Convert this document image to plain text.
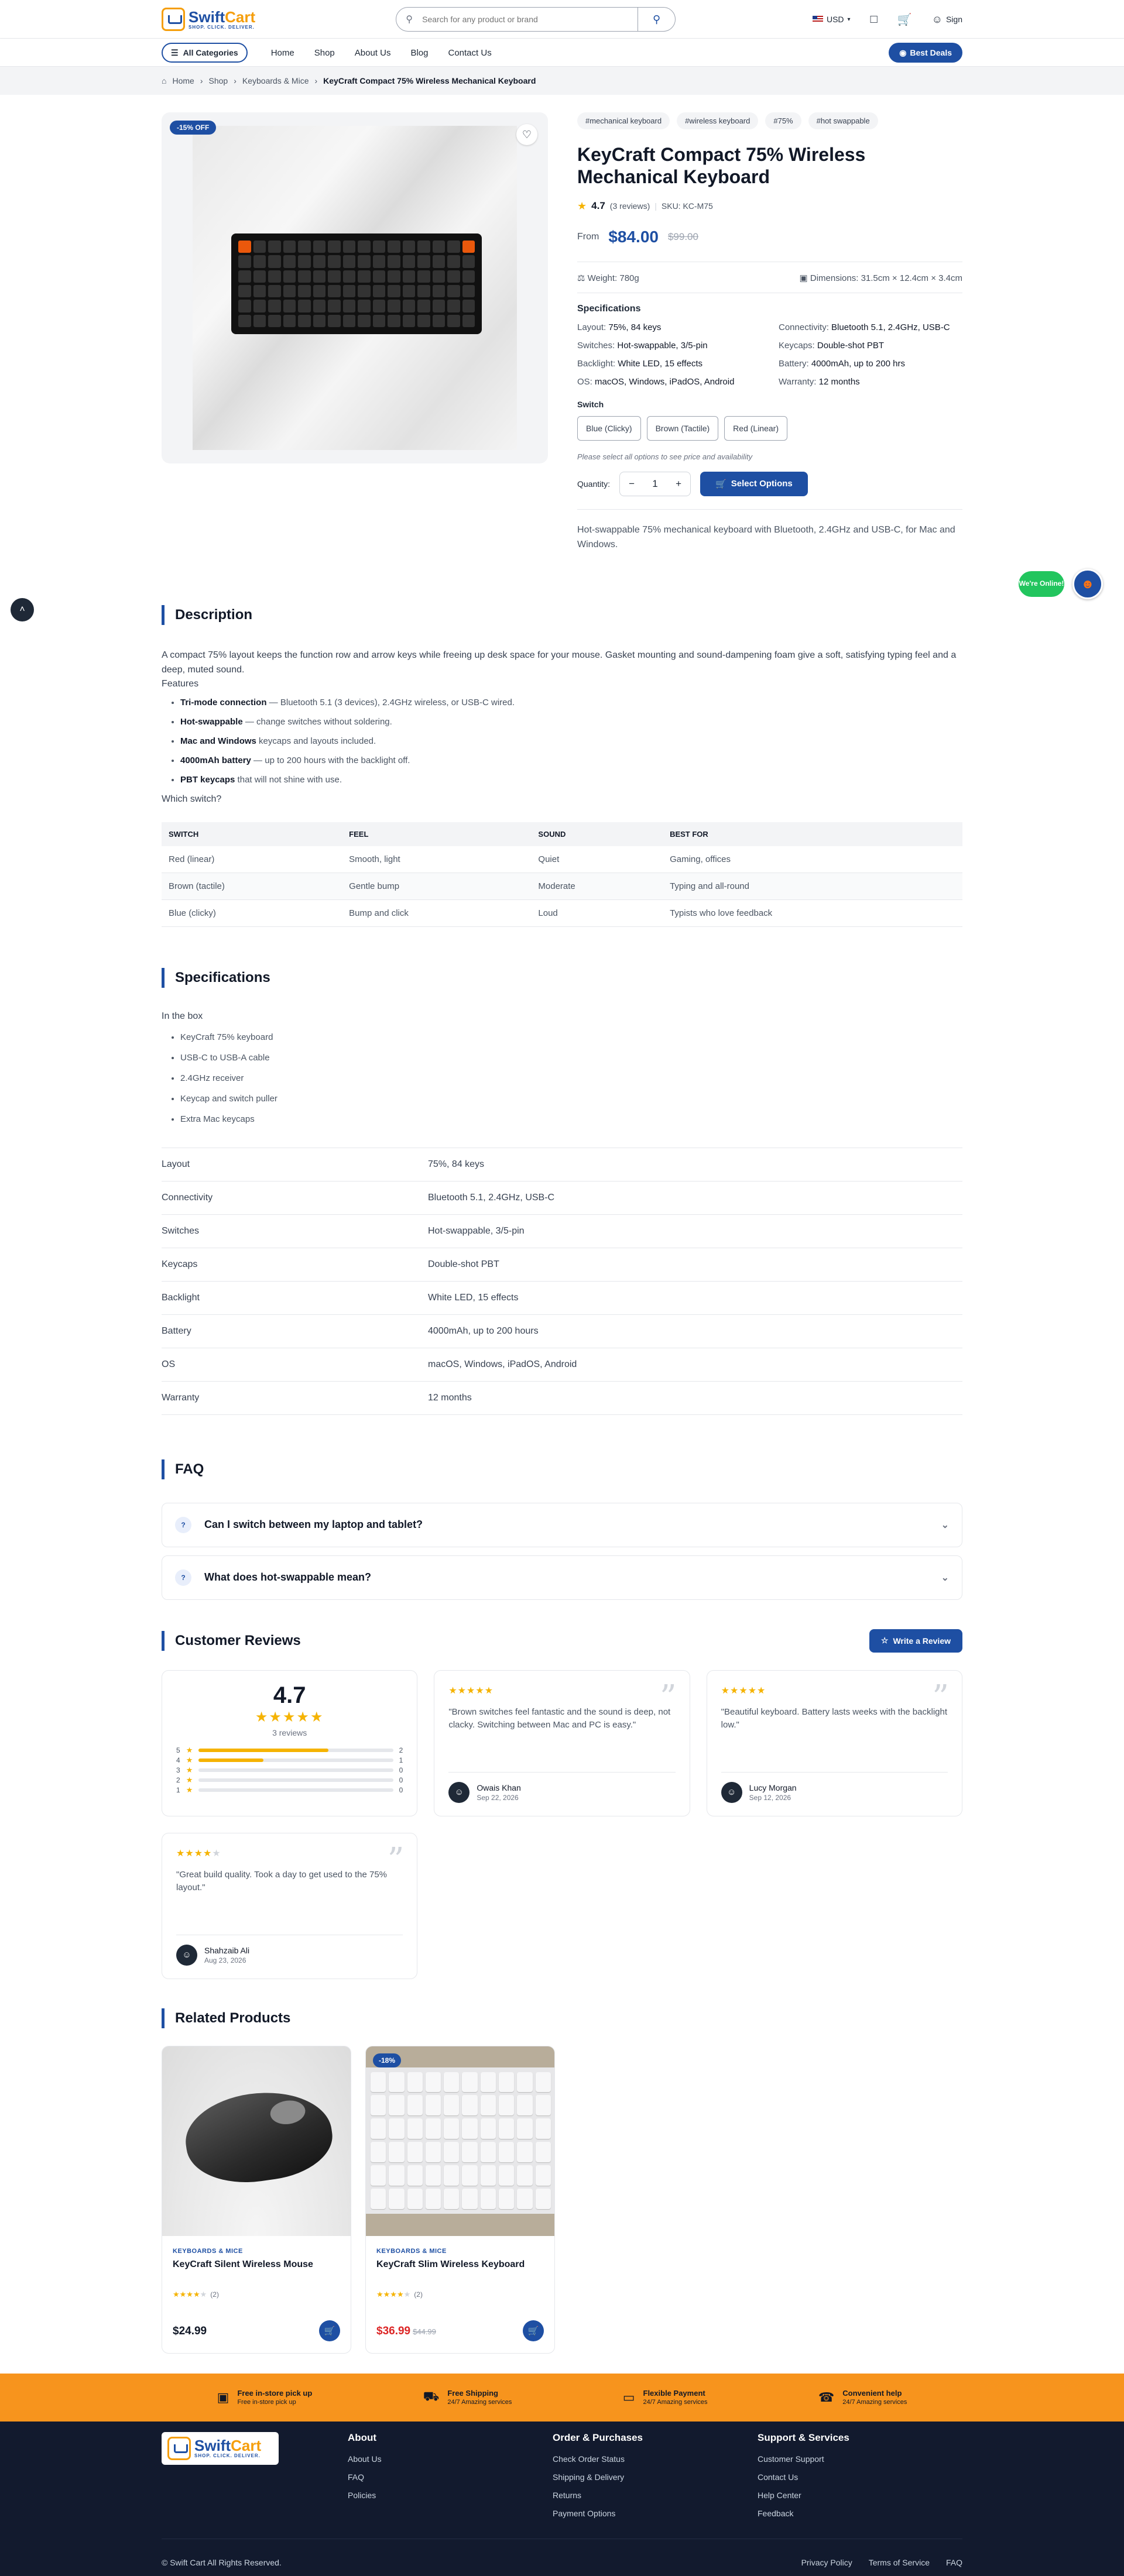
SwiftCart
SHOP. CLICK. DELIVER.
⚲
Search for any product or brand	⚲	USD ▾ □ 🛒 ☺ Sign
☰ All Categories	Home Shop About Us Blog Contact Us	◉ Best Deals
⌂ Home › Shop › Keyboards & Mice › KeyCraft Compact 75% Wireless Mechanical Keyboard
-15% OFF
♡
#mechanical keyboard	#wireless keyboard	#75%	#hot swappable
KeyCraft Compact 75% Wireless Mechanical Keyboard
★ 4.7 (3 reviews) | SKU: KC-M75
From $84.00 $99.00
⚖ Weight: 780g	▣ Dimensions: 31.5cm × 12.4cm × 3.4cm
Specifications
Layout: 75%, 84 keys	Connectivity: Bluetooth 5.1, 2.4GHz, USB-C
Switches: Hot-swappable, 3/5-pin	Keycaps: Double-shot PBT
Backlight: White LED, 15 effects	Battery: 4000mAh, up to 200 hrs
OS: macOS, Windows, iPadOS, Android	Warranty: 12 months
Switch
Blue (Clicky)	Brown (Tactile)	Red (Linear)
Please select all options to see price and availability
Quantity:	−	1	+	🛒 Select Options

Hot-swappable 75% mechanical keyboard with Bluetooth, 2.4GHz and USB-C, for Mac and Windows.

˄
We're Online!	☻
Description

A compact 75% layout keeps the function row and arrow keys while freeing up desk space for your mouse. Gasket mounting and sound-dampening foam give a soft, satisfying typing feel and a deep, muted sound.

Features
• Tri-mode connection — Bluetooth 5.1 (3 devices), 2.4GHz wireless, or USB-C wired.
• Hot-swappable — change switches without soldering.
• Mac and Windows keycaps and layouts included.
• 4000mAh battery — up to 200 hours with the backlight off.
• PBT keycaps that will not shine with use.
Which switch?
SWITCH	FEEL	SOUND	BEST FOR
Red (linear)	Smooth, light	Quiet	Gaming, offices
Brown (tactile)	Gentle bump	Moderate	Typing and all-round
Blue (clicky)	Bump and click	Loud	Typists who love feedback
Specifications
In the box
• KeyCraft 75% keyboard
• USB-C to USB-A cable
• 2.4GHz receiver
• Keycap and switch puller
• Extra Mac keycaps
Layout	75%, 84 keys
Connectivity	Bluetooth 5.1, 2.4GHz, USB-C
Switches	Hot-swappable, 3/5-pin
Keycaps	Double-shot PBT
Backlight	White LED, 15 effects
Battery	4000mAh, up to 200 hours
OS	macOS, Windows, iPadOS, Android
Warranty	12 months
FAQ
?	Can I switch between my laptop and tablet?	⌄
?	What does hot-swappable mean?	⌄
Customer Reviews	☆ Write a Review
4.7
★★★★★
3 reviews
5 ★	2
4 ★	1
3 ★	0
2 ★	0
1 ★	0
★★★★★	”
"Brown switches feel fantastic and the sound is deep, not clacky. Switching between Mac and PC is easy."
☺	Owais Khan
Sep 22, 2026
★★★★★	”
"Beautiful keyboard. Battery lasts weeks with the backlight low."
☺	Lucy Morgan
Sep 12, 2026
★★★★★	”
"Great build quality. Took a day to get used to the 75% layout."
☺	Shahzaib Ali
Aug 23, 2026
Related Products
KEYBOARDS & MICE
KeyCraft Silent Wireless Mouse
★★★★★ (2)
$24.99	🛒
-18%
KEYBOARDS & MICE
KeyCraft Slim Wireless Keyboard
★★★★★ (2)
$36.99 $44.99	🛒
▣ Free in-store pick up
Free in-store pick up	⛟ Free Shipping
24/7 Amazing services	▭ Flexible Payment
24/7 Amazing services	☎ Convenient help
24/7 Amazing services
SwiftCart
SHOP. CLICK. DELIVER.
About
About Us
FAQ
Policies
Order & Purchases
Check Order Status
Shipping & Delivery
Returns
Payment Options
Support & Services
Customer Support
Contact Us
Help Center
Feedback
© Swift Cart All Rights Reserved.	Privacy Policy Terms of Service FAQ
